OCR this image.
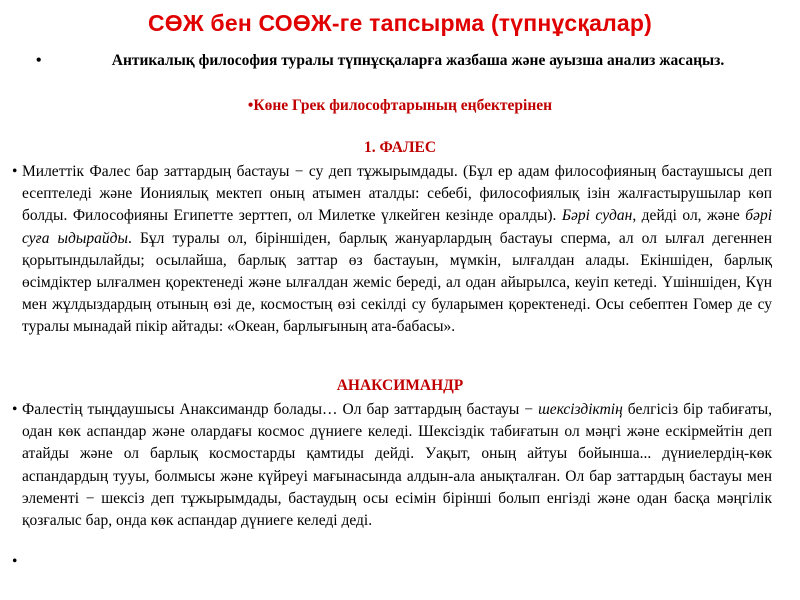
СӨЖ бен СОӨЖ-ге тапсырма (түпнұсқалар)
•	Антикалық философия туралы түпнұсқаларға жазбаша және ауызша анализ жасаңыз.
•Көне Грек философтарының еңбектерінен
1. ФАЛЕС
• Милеттік Фалес бар заттардың бастауы − су деп тұжырымдады. (Бұл ер адам философияның бастаушысы деп есептеледі және Иониялық мектеп оның атымен аталды: себебі, философиялық ізін жалғастырушылар көп болды. Философияны Египетте зерттеп, ол Милетке үлкейген кезінде оралды). Бәрі судан, дейді ол, және бәрі суға ыдырайды. Бұл туралы ол, біріншіден, барлық жануарлардың бастауы сперма, ал ол ылғал дегеннен қорытындылайды; осылайша, барлық заттар өз бастауын, мүмкін, ылғалдан алады. Екіншіден, барлық өсімдіктер ылғалмен қоректенеді және ылғалдан жеміс береді, ал одан айырылса, кеуіп кетеді. Үшіншіден, Күн мен жұлдыздардың отының өзі де, космостың өзі секілді су буларымен қоректенеді. Осы себептен Гомер де су туралы мынадай пікір айтады: «Океан, барлығының ата-бабасы».
АНАКСИМАНДР
• Фалестің тыңдаушысы Анаксимандр болады… Ол бар заттардың бастауы − шексіздіктің белгісіз бір табиғаты, одан көк аспандар және олардағы космос дүниеге келеді. Шексіздік табиғатын ол мәңгі және ескірмейтін деп атайды және ол барлық космостарды қамтиды дейді. Уақыт, оның айтуы бойынша... дүниелердің-көк аспандардың тууы, болмысы және күйреуі мағынасында алдын-ала анықталған. Ол бар заттардың бастауы мен элементі − шексіз деп тұжырымдады, бастаудың осы есімін бірінші болып енгізді және одан басқа мәңгілік қозғалыс бар, онда көк аспандар дүниеге келеді деді.
•
